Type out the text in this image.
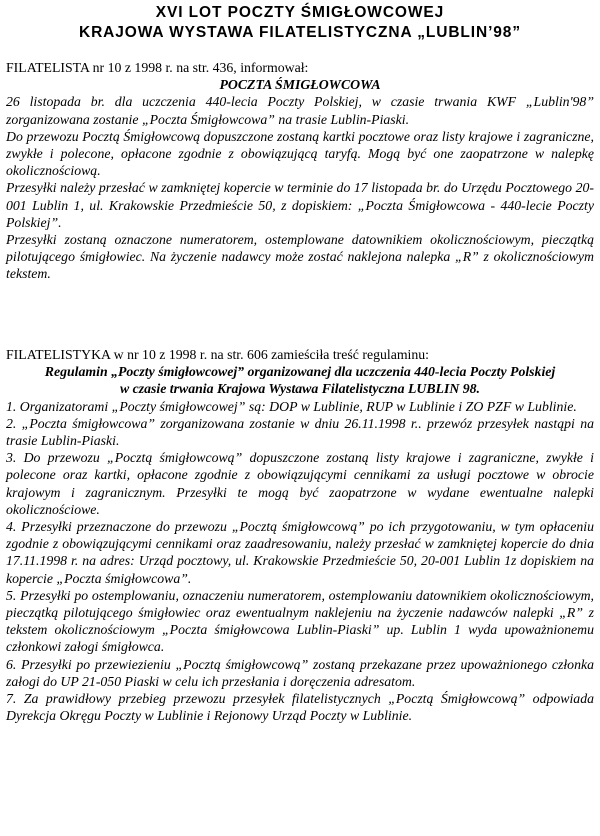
XVI LOT POCZTY ŚMIGŁOWCOWEJ
KRAJOWA WYSTAWA FILATELISTYCZNA „LUBLIN’98”

FILATELISTA nr 10 z 1998 r. na str. 436, informował:

POCZTA ŚMIGŁOWCOWA

26 listopada br. dla uczczenia 440-lecia Poczty Polskiej, w czasie trwania KWF „Lublin'98” zorganizowana zostanie „Poczta Śmigłowcowa” na trasie Lublin-Piaski.

Do przewozu Pocztą Śmigłowcową dopuszczone zostaną kartki pocztowe oraz listy krajowe i zagraniczne, zwykłe i polecone, opłacone zgodnie z obowiązującą taryfą. Mogą być one zaopatrzone w nalepkę okolicznościową.

Przesyłki należy przesłać w zamkniętej kopercie w terminie do 17 listopada br. do Urzędu Pocztowego 20-001 Lublin 1, ul. Krakowskie Przedmieście 50, z dopiskiem: „Poczta Śmigłowcowa - 440-lecie Poczty Polskiej”.

Przesyłki zostaną oznaczone numeratorem, ostemplowane datownikiem okolicznościowym, pieczątką pilotującego śmigłowiec. Na życzenie nadawcy może zostać naklejona nalepka „R” z okolicznościowym tekstem.

FILATELISTYKA w nr 10 z 1998 r. na str. 606 zamieściła treść regulaminu:

Regulamin „Poczty śmigłowcowej” organizowanej dla uczczenia 440-lecia Poczty Polskiej

w czasie trwania Krajowa Wystawa Filatelistyczna LUBLIN 98.

1. Organizatorami „Poczty śmigłowcowej” są: DOP w Lublinie, RUP w Lublinie i ZO PZF w Lublinie.
2. „Poczta śmigłowcowa” zorganizowana zostanie w dniu 26.11.1998 r.. przewóz przesyłek nastąpi na trasie Lublin-Piaski.
3. Do przewozu „Pocztą śmigłowcową” dopuszczone zostaną listy krajowe i zagraniczne, zwykłe i polecone oraz kartki, opłacone zgodnie z obowiązującymi cennikami za usługi pocztowe w obrocie krajowym i zagranicznym. Przesyłki te mogą być zaopatrzone w wydane ewentualne nalepki okolicznościowe.
4. Przesyłki przeznaczone do przewozu „Pocztą śmigłowcową” po ich przygotowaniu, w tym opłaceniu zgodnie z obowiązującymi cennikami oraz zaadresowaniu, należy przesłać w zamkniętej kopercie do dnia 17.11.1998 r. na adres: Urząd pocztowy, ul. Krakowskie Przedmieście 50, 20-001 Lublin 1z dopiskiem na kopercie „Poczta śmigłowcowa”.
5. Przesyłki po ostemplowaniu, oznaczeniu numeratorem, ostemplowaniu datownikiem okolicznościowym, pieczątką pilotującego śmigłowiec oraz ewentualnym naklejeniu na życzenie nadawców nalepki „R” z tekstem okolicznościowym „Poczta śmigłowcowa Lublin-Piaski” up. Lublin 1 wyda upoważnionemu członkowi załogi śmigłowca.
6. Przesyłki po przewiezieniu „Pocztą śmigłowcową” zostaną przekazane przez upoważnionego członka załogi do UP 21-050 Piaski w celu ich przesłania i doręczenia adresatom.
7. Za prawidłowy przebieg przewozu przesyłek filatelistycznych „Pocztą Śmigłowcową” odpowiada Dyrekcja Okręgu Poczty w Lublinie i Rejonowy Urząd Poczty w Lublinie.
